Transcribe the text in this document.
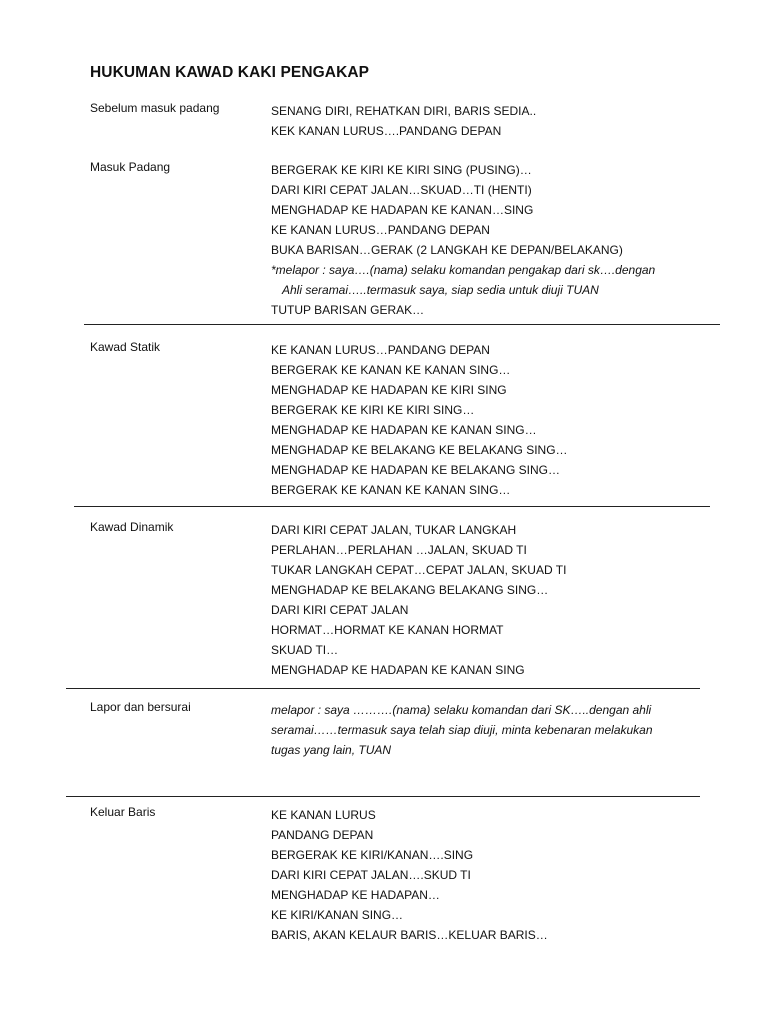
HUKUMAN KAWAD KAKI PENGAKAP
Sebelum masuk padang	SENANG DIRI, REHATKAN DIRI, BARIS SEDIA..
KEK KANAN LURUS….PANDANG DEPAN
Masuk Padang	BERGERAK KE KIRI KE KIRI SING (PUSING)…
DARI KIRI CEPAT JALAN…SKUAD…TI (HENTI)
MENGHADAP KE HADAPAN KE KANAN…SING
KE KANAN LURUS…PANDANG DEPAN
BUKA BARISAN…GERAK (2 LANGKAH KE DEPAN/BELAKANG)
*melapor : saya….(nama) selaku komandan pengakap dari sk….dengan
Ahli seramai…..termasuk saya, siap sedia untuk diuji TUAN
TUTUP BARISAN GERAK…
Kawad Statik	KE KANAN LURUS…PANDANG DEPAN
BERGERAK KE KANAN KE KANAN SING…
MENGHADAP KE HADAPAN KE KIRI SING
BERGERAK KE KIRI KE KIRI SING…
MENGHADAP KE HADAPAN KE KANAN SING…
MENGHADAP KE BELAKANG KE BELAKANG SING…
MENGHADAP KE HADAPAN KE BELAKANG SING…
BERGERAK KE KANAN KE KANAN SING…
Kawad Dinamik	DARI KIRI CEPAT JALAN, TUKAR LANGKAH
PERLAHAN…PERLAHAN …JALAN, SKUAD TI
TUKAR LANGKAH CEPAT…CEPAT JALAN, SKUAD TI
MENGHADAP KE BELAKANG BELAKANG SING…
DARI KIRI CEPAT JALAN
HORMAT…HORMAT KE KANAN HORMAT
SKUAD TI…
MENGHADAP KE HADAPAN KE KANAN SING
Lapor dan bersurai	melapor : saya ……….(nama) selaku komandan dari SK…..dengan ahli
seramai……termasuk saya telah siap diuji, minta kebenaran melakukan
tugas yang lain, TUAN
Keluar Baris	KE KANAN LURUS
PANDANG DEPAN
BERGERAK KE KIRI/KANAN….SING
DARI KIRI CEPAT JALAN….SKUD TI
MENGHADAP KE HADAPAN…
KE KIRI/KANAN SING…
BARIS, AKAN KELAUR BARIS…KELUAR BARIS…
